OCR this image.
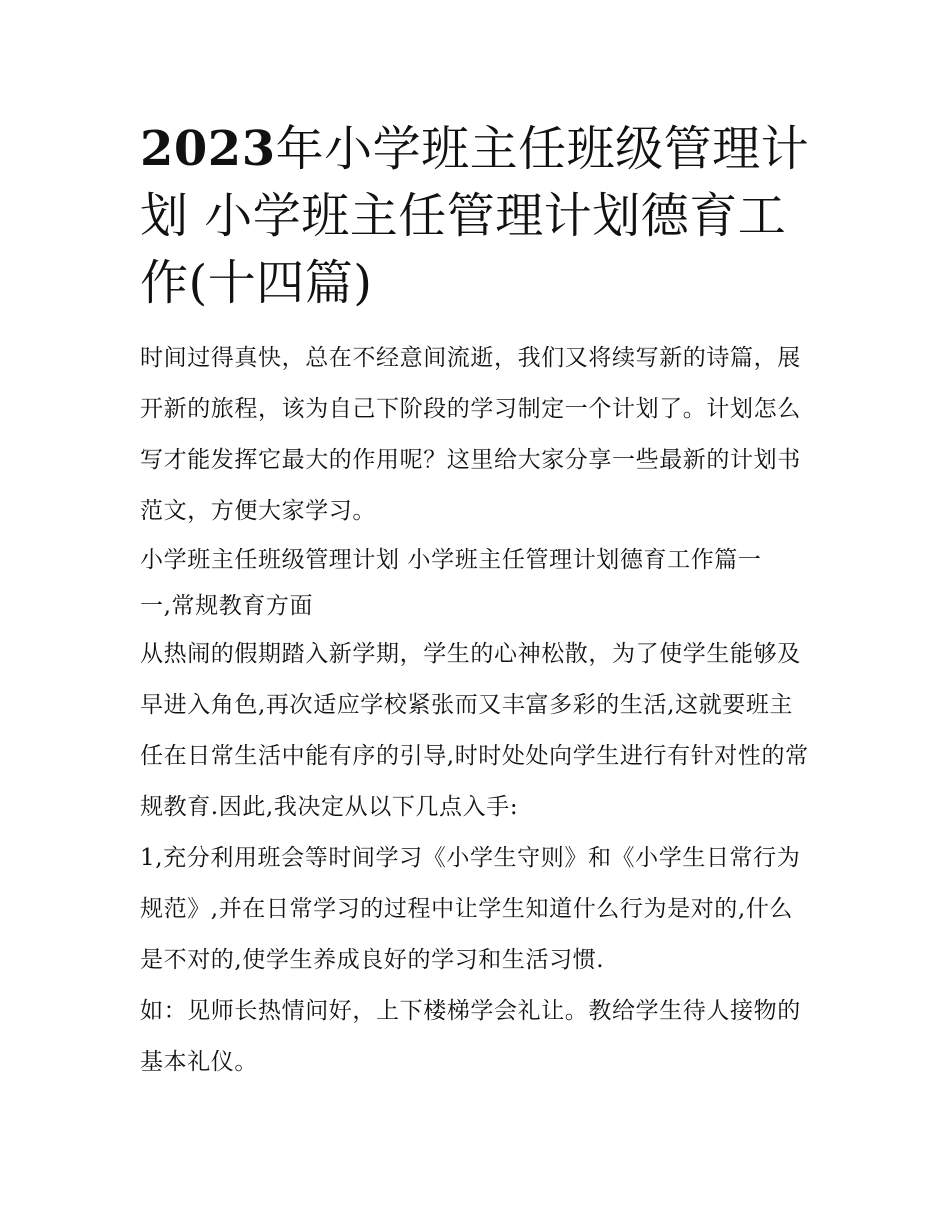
2023年小学班主任班级管理计划 小学班主任管理计划德育工作(十四篇)

时间过得真快，总在不经意间流逝，我们又将续写新的诗篇，展开新的旅程，该为自己下阶段的学习制定一个计划了。计划怎么写才能发挥它最大的作用呢？这里给大家分享一些最新的计划书范文，方便大家学习。

小学班主任班级管理计划 小学班主任管理计划德育工作篇一

一,常规教育方面

从热闹的假期踏入新学期，学生的心神松散，为了使学生能够及早进入角色,再次适应学校紧张而又丰富多彩的生活,这就要班主任在日常生活中能有序的引导,时时处处向学生进行有针对性的常规教育.因此,我决定从以下几点入手:

1,充分利用班会等时间学习《小学生守则》和《小学生日常行为规范》,并在日常学习的过程中让学生知道什么行为是对的,什么是不对的,使学生养成良好的学习和生活习惯.

如：见师长热情问好，上下楼梯学会礼让。教给学生待人接物的基本礼仪。
